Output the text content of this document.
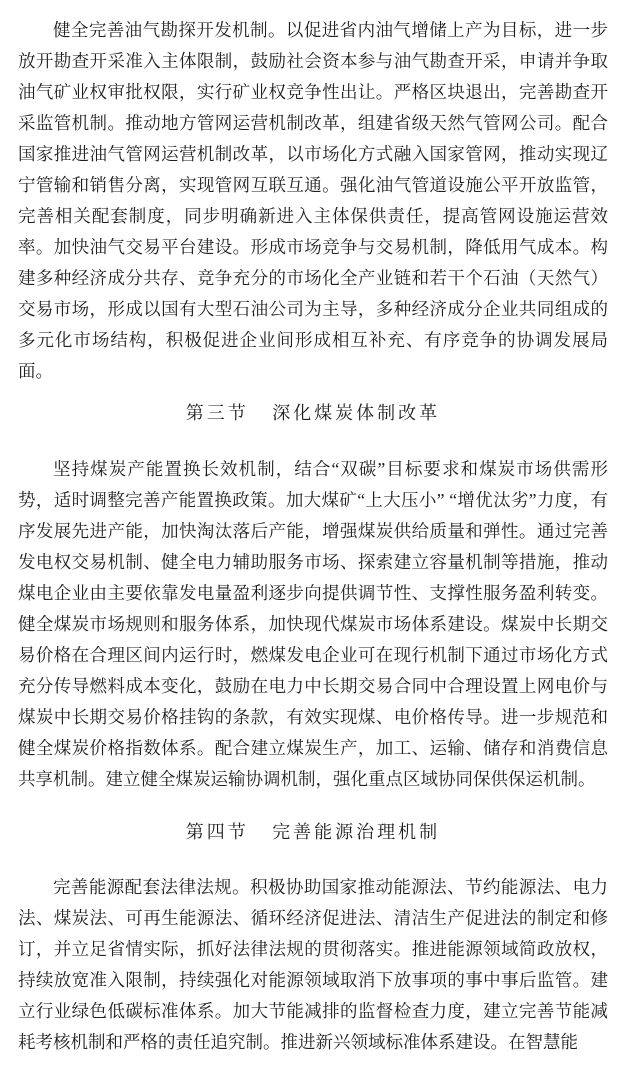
健全完善油气勘探开发机制。以促进省内油气增储上产为目标，进一步放开勘查开采准入主体限制，鼓励社会资本参与油气勘查开采，申请并争取油气矿业权审批权限，实行矿业权竞争性出让。严格区块退出，完善勘查开采监管机制。推动地方管网运营机制改革，组建省级天然气管网公司。配合国家推进油气管网运营机制改革，以市场化方式融入国家管网，推动实现辽宁管输和销售分离，实现管网互联互通。强化油气管道设施公平开放监管，完善相关配套制度，同步明确新进入主体保供责任，提高管网设施运营效率。加快油气交易平台建设。形成市场竞争与交易机制，降低用气成本。构建多种经济成分共存、竞争充分的市场化全产业链和若干个石油（天然气）交易市场，形成以国有大型石油公司为主导，多种经济成分企业共同组成的多元化市场结构，积极促进企业间形成相互补充、有序竞争的协调发展局面。

第三节 深化煤炭体制改革

坚持煤炭产能置换长效机制，结合“双碳”目标要求和煤炭市场供需形势，适时调整完善产能置换政策。加大煤矿“上大压小” “增优汰劣”力度，有序发展先进产能，加快淘汰落后产能，增强煤炭供给质量和弹性。通过完善发电权交易机制、健全电力辅助服务市场、探索建立容量机制等措施，推动煤电企业由主要依靠发电量盈利逐步向提供调节性、支撑性服务盈利转变。健全煤炭市场规则和服务体系，加快现代煤炭市场体系建设。煤炭中长期交易价格在合理区间内运行时，燃煤发电企业可在现行机制下通过市场化方式充分传导燃料成本变化，鼓励在电力中长期交易合同中合理设置上网电价与煤炭中长期交易价格挂钩的条款，有效实现煤、电价格传导。进一步规范和健全煤炭价格指数体系。配合建立煤炭生产，加工、运输、储存和消费信息共享机制。建立健全煤炭运输协调机制，强化重点区域协同保供保运机制。

第四节 完善能源治理机制

完善能源配套法律法规。积极协助国家推动能源法、节约能源法、电力法、煤炭法、可再生能源法、循环经济促进法、清洁生产促进法的制定和修订，并立足省情实际，抓好法律法规的贯彻落实。推进能源领域简政放权，持续放宽准入限制，持续强化对能源领域取消下放事项的事中事后监管。建立行业绿色低碳标准体系。加大节能减排的监督检查力度，建立完善节能减耗考核机制和严格的责任追究制。推进新兴领域标准体系建设。在智慧能
